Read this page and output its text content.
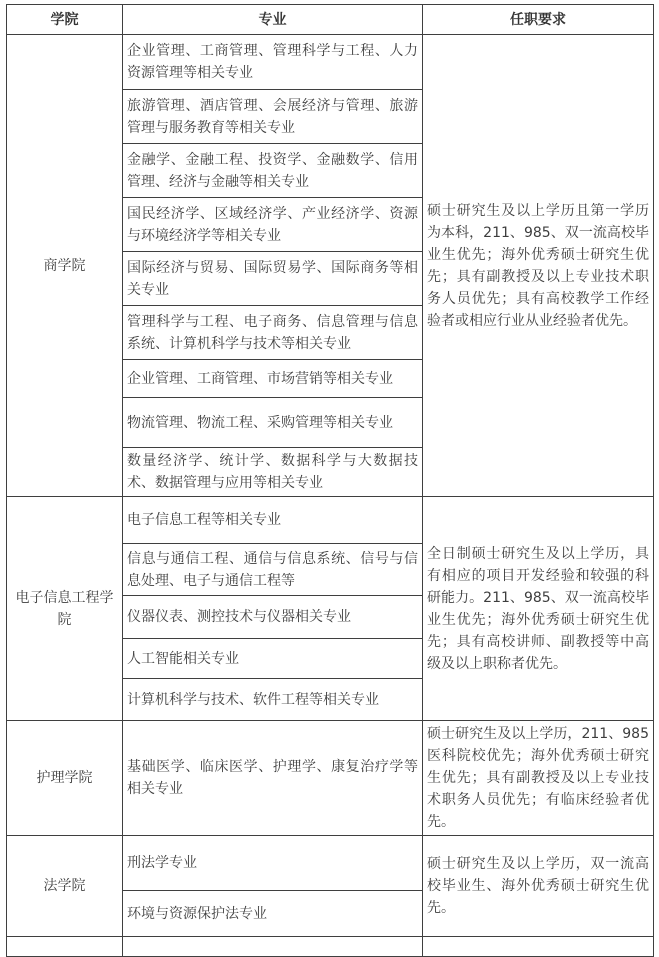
学院	专业	任职要求
商学院	企业管理、工商管理、管理科学与工程、人力资源管理等相关专业	硕士研究生及以上学历且第一学历为本科，211、985、双一流高校毕业生优先；海外优秀硕士研究生优先；具有副教授及以上专业技术职务人员优先；具有高校教学工作经验者或相应行业从业经验者优先。
	旅游管理、酒店管理、会展经济与管理、旅游管理与服务教育等相关专业	
	金融学、金融工程、投资学、金融数学、信用管理、经济与金融等相关专业	
	国民经济学、区域经济学、产业经济学、资源与环境经济学等相关专业	
	国际经济与贸易、国际贸易学、国际商务等相关专业	
	管理科学与工程、电子商务、信息管理与信息系统、计算机科学与技术等相关专业	
	企业管理、工商管理、市场营销等相关专业	
	物流管理、物流工程、采购管理等相关专业	
	数量经济学、统计学、数据科学与大数据技术、数据管理与应用等相关专业	
电子信息工程学院	电子信息工程等相关专业	全日制硕士研究生及以上学历，具有相应的项目开发经验和较强的科研能力。211、985、双一流高校毕业生优先；海外优秀硕士研究生优先；具有高校讲师、副教授等中高级及以上职称者优先。
	信息与通信工程、通信与信息系统、信号与信息处理、电子与通信工程等	
	仪器仪表、测控技术与仪器相关专业	
	人工智能相关专业	
	计算机科学与技术、软件工程等相关专业	
护理学院	基础医学、临床医学、护理学、康复治疗学等相关专业	硕士研究生及以上学历，211、985医科院校优先；海外优秀硕士研究生优先；具有副教授及以上专业技术职务人员优先；有临床经验者优先。
法学院	刑法学专业	硕士研究生及以上学历，双一流高校毕业生、海外优秀硕士研究生优先。
	环境与资源保护法专业	
